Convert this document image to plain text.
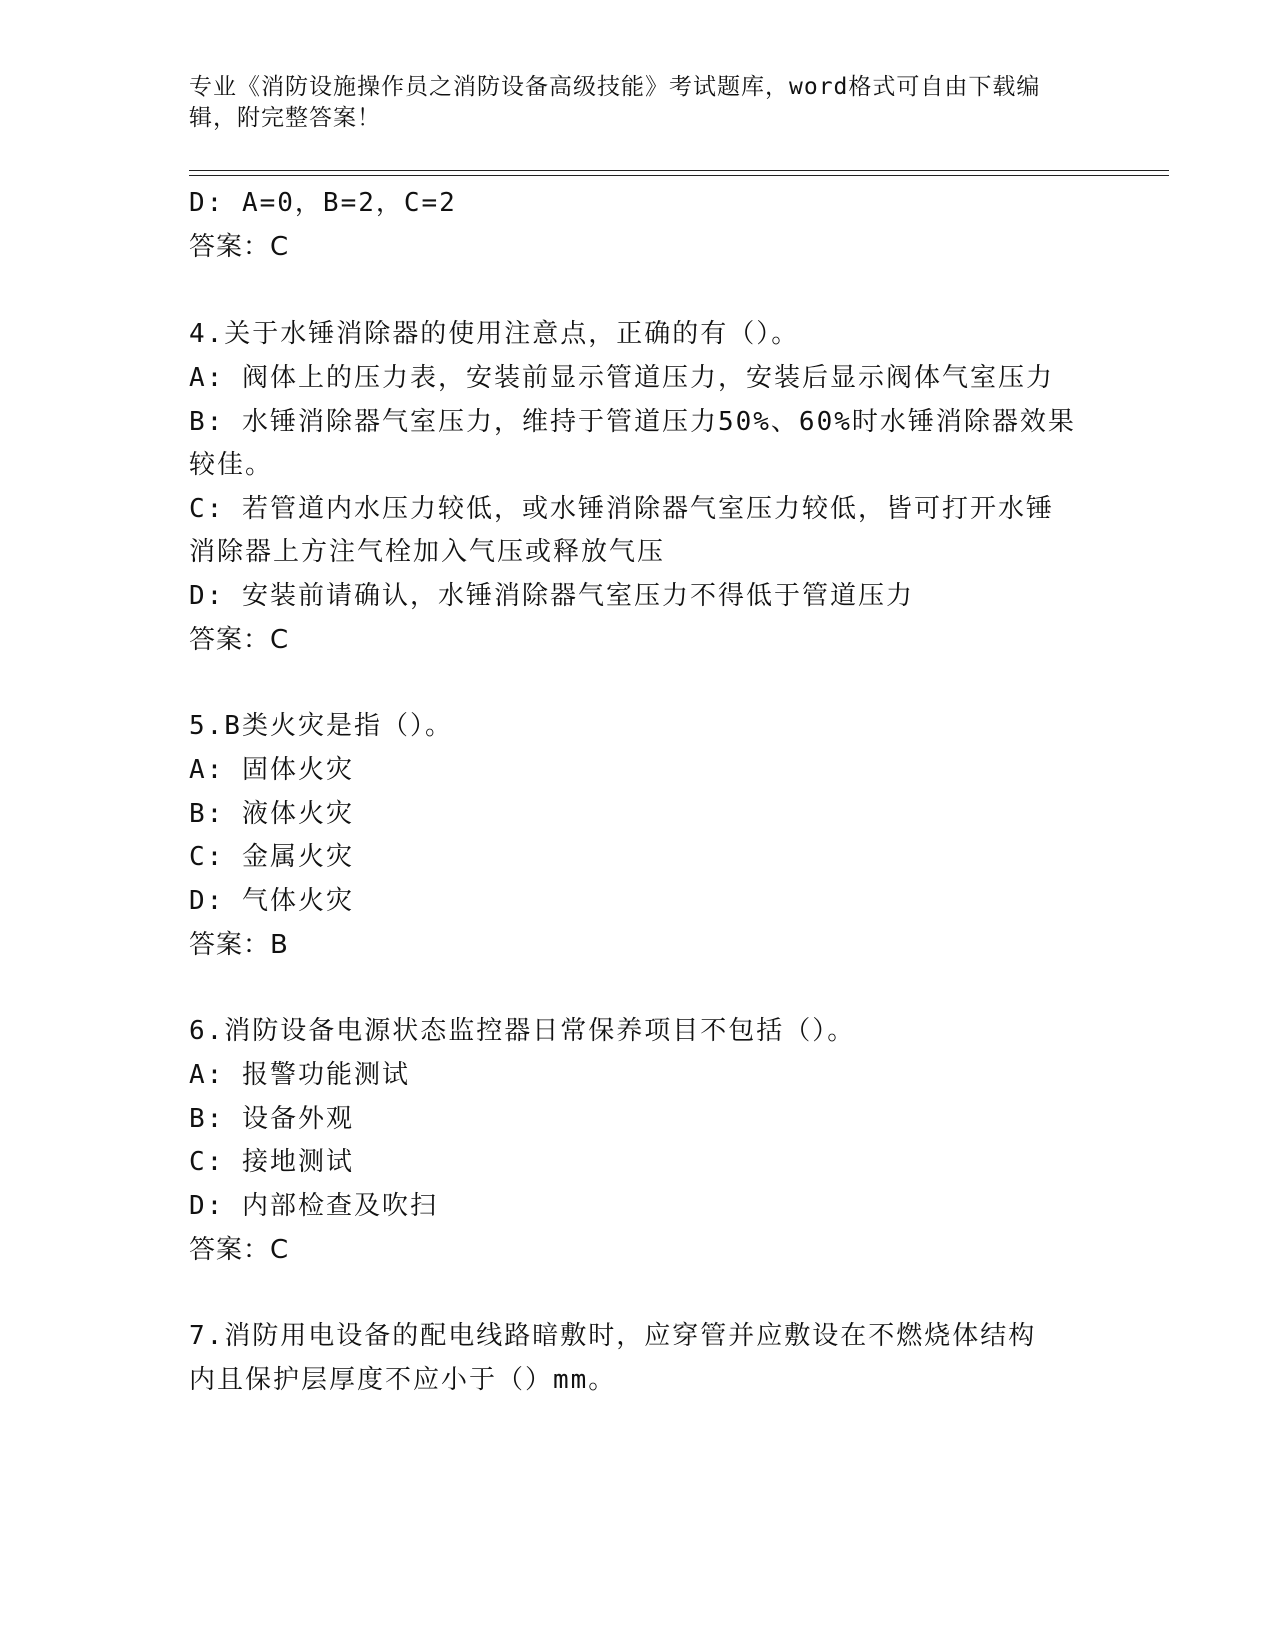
专业《消防设施操作员之消防设备高级技能》考试题库，word格式可自由下载编
辑，附完整答案！
D: A=0，B=2，C=2
答案：C
4.关于水锤消除器的使用注意点，正确的有（）。
A: 阀体上的压力表，安装前显示管道压力，安装后显示阀体气室压力
B: 水锤消除器气室压力，维持于管道压力50%、60%时水锤消除器效果
较佳。
C: 若管道内水压力较低，或水锤消除器气室压力较低，皆可打开水锤
消除器上方注气栓加入气压或释放气压
D: 安装前请确认，水锤消除器气室压力不得低于管道压力
答案：C
5.B类火灾是指（）。
A: 固体火灾
B: 液体火灾
C: 金属火灾
D: 气体火灾
答案：B
6.消防设备电源状态监控器日常保养项目不包括（）。
A: 报警功能测试
B: 设备外观
C: 接地测试
D: 内部检查及吹扫
答案：C
7.消防用电设备的配电线路暗敷时，应穿管并应敷设在不燃烧体结构
内且保护层厚度不应小于（）mm。
